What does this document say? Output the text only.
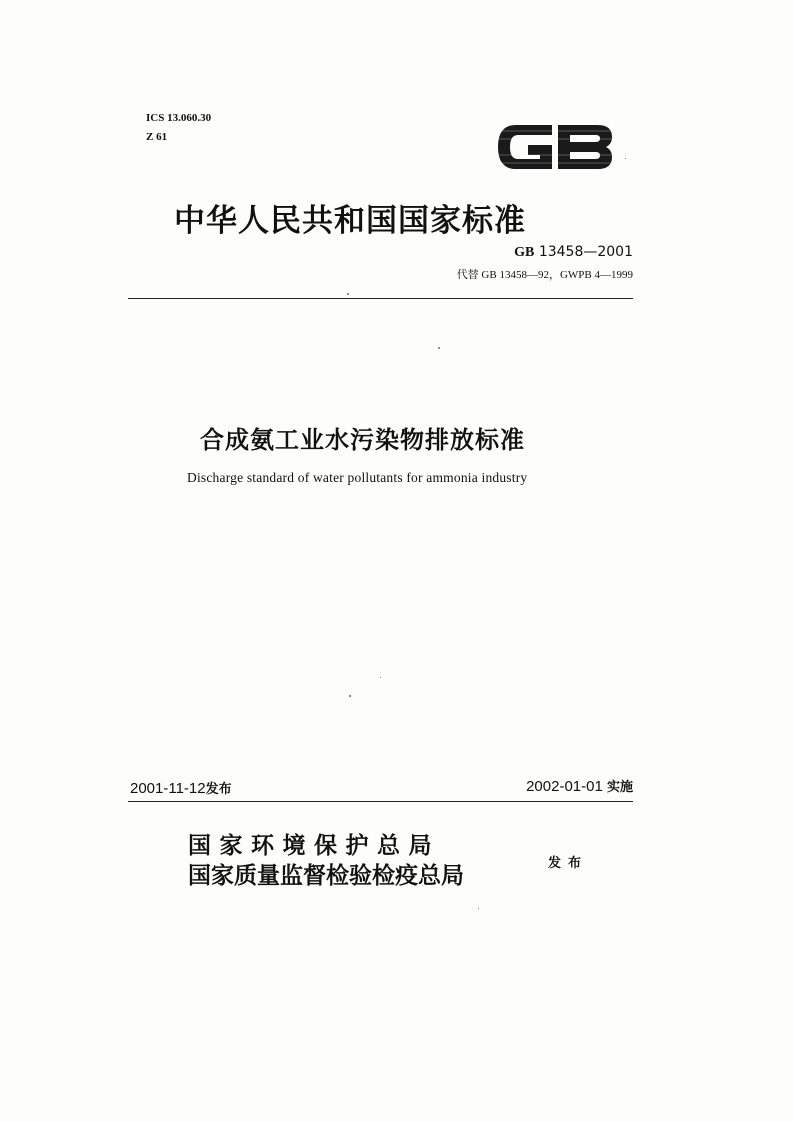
ICS 13.060.30
Z 61
中华人民共和国国家标准
GB 13458—2001
代替 GB 13458—92，GWPB 4—1999
合成氨工业水污染物排放标准
Discharge standard of water pollutants for ammonia industry
2001-11-12发布	2002-01-01 实施
国家环境保护总局
国家质量监督检验检疫总局	发布
